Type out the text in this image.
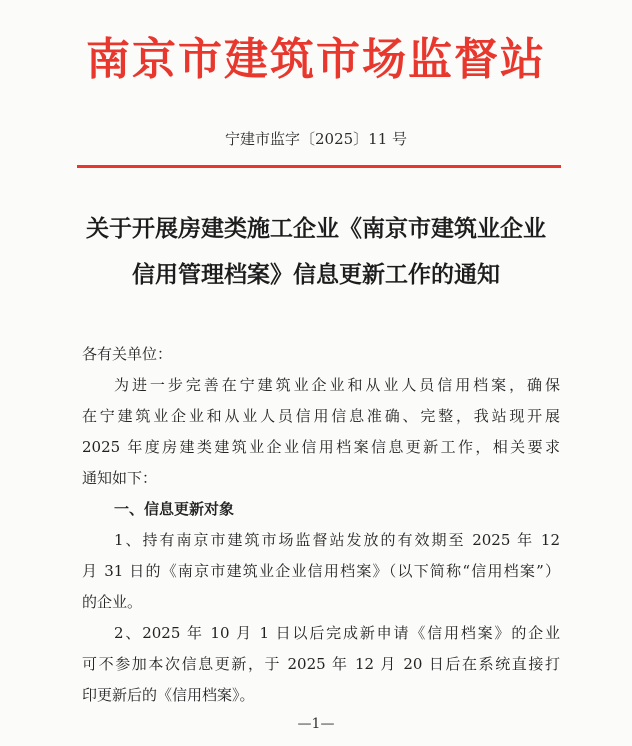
南京市建筑市场监督站
宁建市监字〔2025〕11 号
关于开展房建类施工企业《南京市建筑业企业
信用管理档案》信息更新工作的通知
各有关单位：
为进一步完善在宁建筑业企业和从业人员信用档案，确保
在宁建筑业企业和从业人员信用信息准确、完整，我站现开展
2025 年度房建类建筑业企业信用档案信息更新工作，相关要求
通知如下：
一、信息更新对象
1、持有南京市建筑市场监督站发放的有效期至 2025 年 12
月 31 日的《南京市建筑业企业信用档案》（以下简称“信用档案”）
的企业。
2、2025 年 10 月 1 日以后完成新申请《信用档案》的企业
可不参加本次信息更新，于 2025 年 12 月 20 日后在系统直接打
印更新后的《信用档案》。
—1—
